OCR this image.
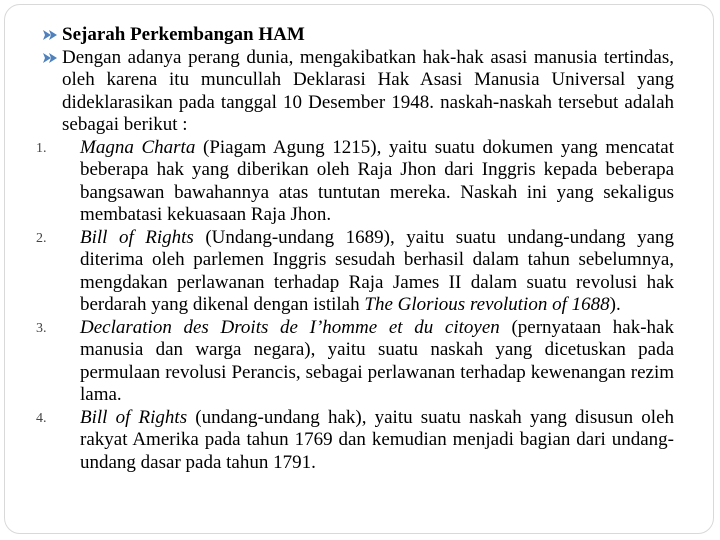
Sejarah Perkembangan HAM
Dengan adanya perang dunia, mengakibatkan hak-hak asasi manusia tertindas, oleh karena itu muncullah Deklarasi Hak Asasi Manusia Universal yang dideklarasikan pada tanggal 10 Desember 1948. naskah-naskah tersebut adalah sebagai berikut :
1. Magna Charta (Piagam Agung 1215), yaitu suatu dokumen yang mencatat beberapa hak yang diberikan oleh Raja Jhon dari Inggris kepada beberapa bangsawan bawahannya atas tuntutan mereka. Naskah ini yang sekaligus membatasi kekuasaan Raja Jhon.
2. Bill of Rights (Undang-undang 1689), yaitu suatu undang-undang yang diterima oleh parlemen Inggris sesudah berhasil dalam tahun sebelumnya, mengdakan perlawanan terhadap Raja James II dalam suatu revolusi hak berdarah yang dikenal dengan istilah The Glorious revolution of 1688).
3. Declaration des Droits de I’homme et du citoyen (pernyataan hak-hak manusia dan warga negara), yaitu suatu naskah yang dicetuskan pada permulaan revolusi Perancis, sebagai perlawanan terhadap kewenangan rezim lama.
4. Bill of Rights (undang-undang hak), yaitu suatu naskah yang disusun oleh rakyat Amerika pada tahun 1769 dan kemudian menjadi bagian dari undang-undang dasar pada tahun 1791.
